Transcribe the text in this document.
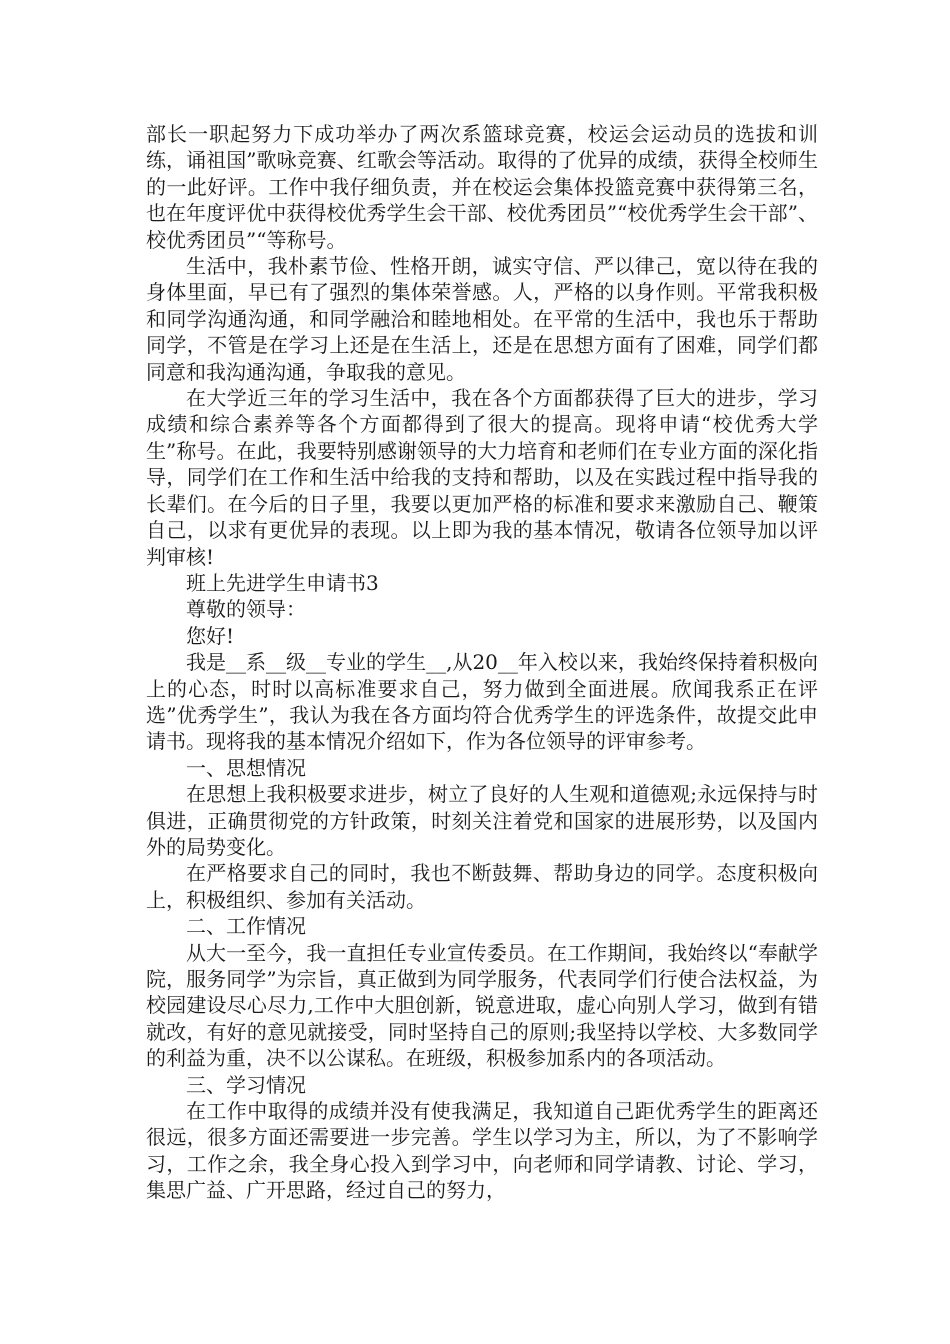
部长一职起努力下成功举办了两次系篮球竞赛，校运会运动员的选拔和训练，诵祖国”歌咏竞赛、红歌会等活动。取得的了优异的成绩，获得全校师生的一此好评。工作中我仔细负责，并在校运会集体投篮竞赛中获得第三名，也在年度评优中获得校优秀学生会干部、校优秀团员”“校优秀学生会干部”、校优秀团员”“等称号。

生活中，我朴素节俭、性格开朗，诚实守信、严以律己，宽以待在我的身体里面，早已有了强烈的集体荣誉感。人，严格的以身作则。平常我积极和同学沟通沟通，和同学融洽和睦地相处。在平常的生活中，我也乐于帮助同学，不管是在学习上还是在生活上，还是在思想方面有了困难，同学们都同意和我沟通沟通，争取我的意见。

在大学近三年的学习生活中，我在各个方面都获得了巨大的进步，学习成绩和综合素养等各个方面都得到了很大的提高。现将申请“校优秀大学生”称号。在此，我要特别感谢领导的大力培育和老师们在专业方面的深化指导，同学们在工作和生活中给我的支持和帮助，以及在实践过程中指导我的长辈们。在今后的日子里，我要以更加严格的标准和要求来激励自己、鞭策自己，以求有更优异的表现。以上即为我的基本情况，敬请各位领导加以评判审核!

班上先进学生申请书3

尊敬的领导：

您好!

我是__系__级__专业的学生__,从20__年入校以来，我始终保持着积极向上的心态，时时以高标准要求自己，努力做到全面进展。欣闻我系正在评选”优秀学生”，我认为我在各方面均符合优秀学生的评选条件，故提交此申请书。现将我的基本情况介绍如下，作为各位领导的评审参考。

一、思想情况

在思想上我积极要求进步，树立了良好的人生观和道德观;永远保持与时俱进，正确贯彻党的方针政策，时刻关注着党和国家的进展形势，以及国内外的局势变化。

在严格要求自己的同时，我也不断鼓舞、帮助身边的同学。态度积极向上，积极组织、参加有关活动。

二、工作情况

从大一至今，我一直担任专业宣传委员。在工作期间，我始终以“奉献学院，服务同学”为宗旨，真正做到为同学服务，代表同学们行使合法权益，为校园建设尽心尽力,工作中大胆创新，锐意进取，虚心向别人学习，做到有错就改，有好的意见就接受，同时坚持自己的原则;我坚持以学校、大多数同学的利益为重，决不以公谋私。在班级，积极参加系内的各项活动。

三、学习情况

在工作中取得的成绩并没有使我满足，我知道自己距优秀学生的距离还很远，很多方面还需要进一步完善。学生以学习为主，所以，为了不影响学习，工作之余，我全身心投入到学习中，向老师和同学请教、讨论、学习，集思广益、广开思路，经过自己的努力，
